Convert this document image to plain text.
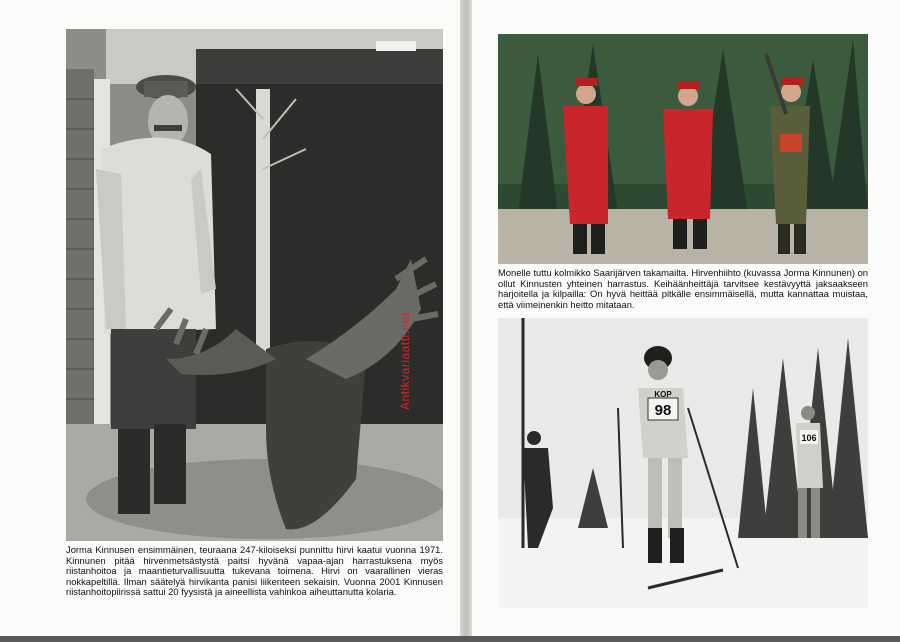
Antikvariaatti.net

Jorma Kinnusen ensimmäinen, teuraana 247-kiloiseksi punnittu hirvi kaatui vuonna 1971. Kinnunen pitää hirvenmetsästystä paitsi hyvänä vapaa-ajan harrastuksena myös riistanhoitoa ja maantieturvallisuutta tukevana toimena. Hirvi on vaarallinen vieras nokkapeltillä. Ilman säätelyä hirvikanta panisi liikenteen sekaisin. Vuonna 2001 Kinnusen riistanhoitopiirissä sattui 20 fyysistä ja aineellista vahinkoa aiheuttanutta kolaria.

Monelle tuttu kolmikko Saarijärven takamailta. Hirvenhiihto (kuvassa Jorma Kinnunen) on ollut Kinnusten yhteinen harrastus. Keihäänheittäjä tarvitsee kestävyyttä jaksaakseen harjoitella ja kilpailla: On hyvä heittää pitkälle ensimmäisellä, mutta kannattaa muistaa, että viimeinenkin heitto mitataan.

98
KOP
106
